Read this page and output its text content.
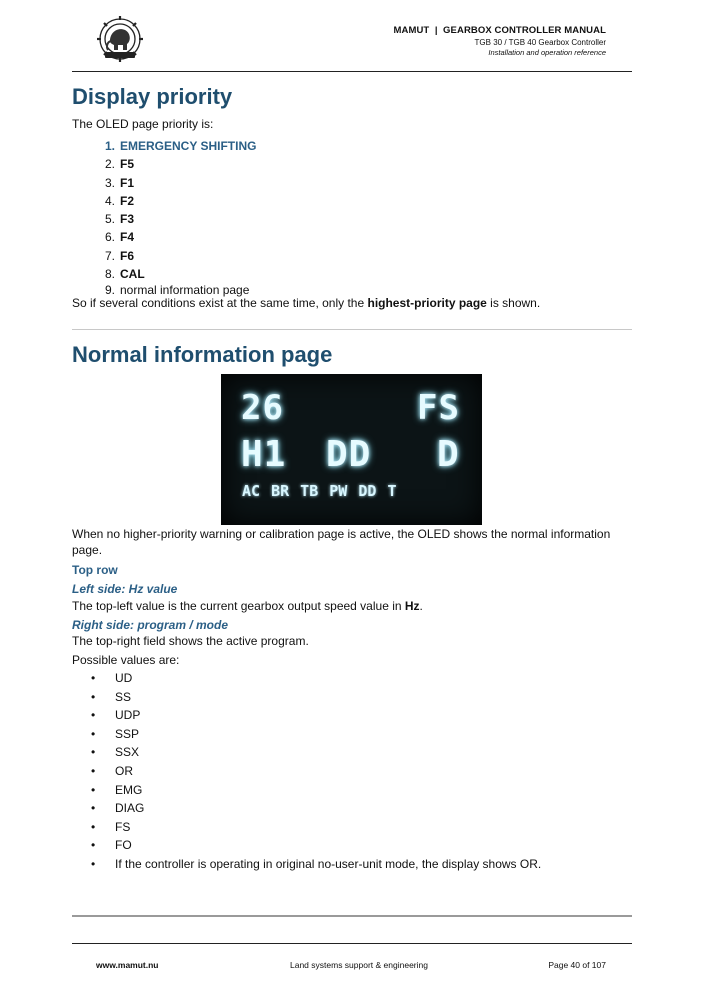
MAMUT  |  GEARBOX CONTROLLER MANUAL
TGB 30 / TGB 40 Gearbox Controller
Installation and operation reference
Display priority

The OLED page priority is:

1. EMERGENCY SHIFTING
2. F5
3. F1
4. F2
5. F3
6. F4
7. F6
8. CAL
9. normal information page

So if several conditions exist at the same time, only the highest-priority page is shown.

Normal information page
26	FS
H1 DD D
AC BR TB PW DD T

When no higher-priority warning or calibration page is active, the OLED shows the normal information page.

Top row

Left side: Hz value

The top-left value is the current gearbox output speed value in Hz.

Right side: program / mode

The top-right field shows the active program.

Possible values are:

•	UD
•	SS
•	UDP
•	SSP
•	SSX
•	OR
•	EMG
•	DIAG
•	FS
•	FO
•	If the controller is operating in original no-user-unit mode, the display shows OR.
www.mamut.nu	Land systems support & engineering	Page 40 of 107
